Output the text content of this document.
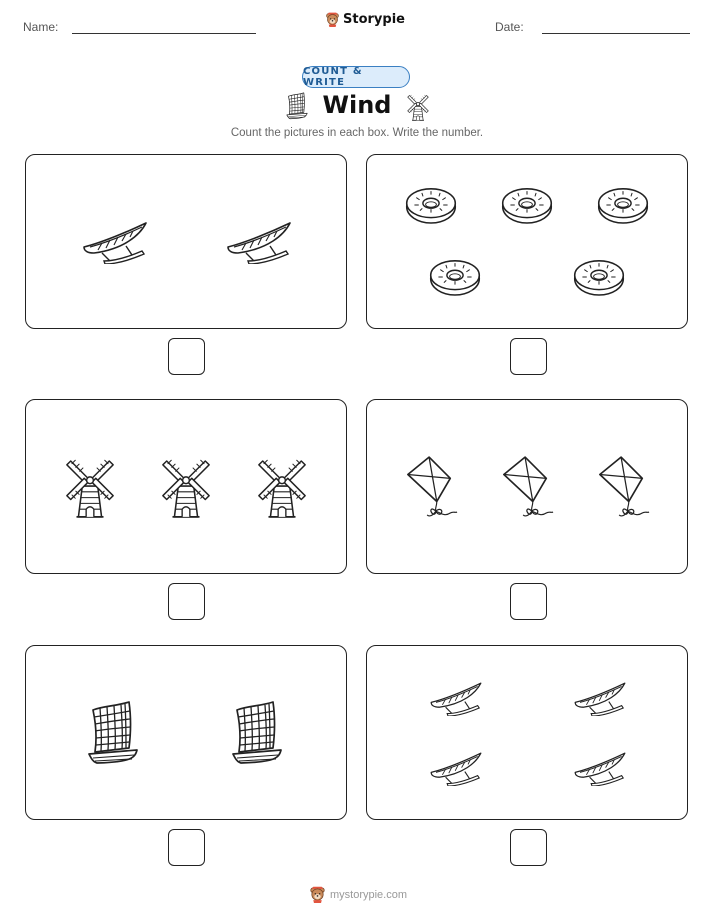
Name:	Storypie	Date:
COUNT & WRITE
Wind
Count the pictures in each box. Write the number.
mystorypie.com
